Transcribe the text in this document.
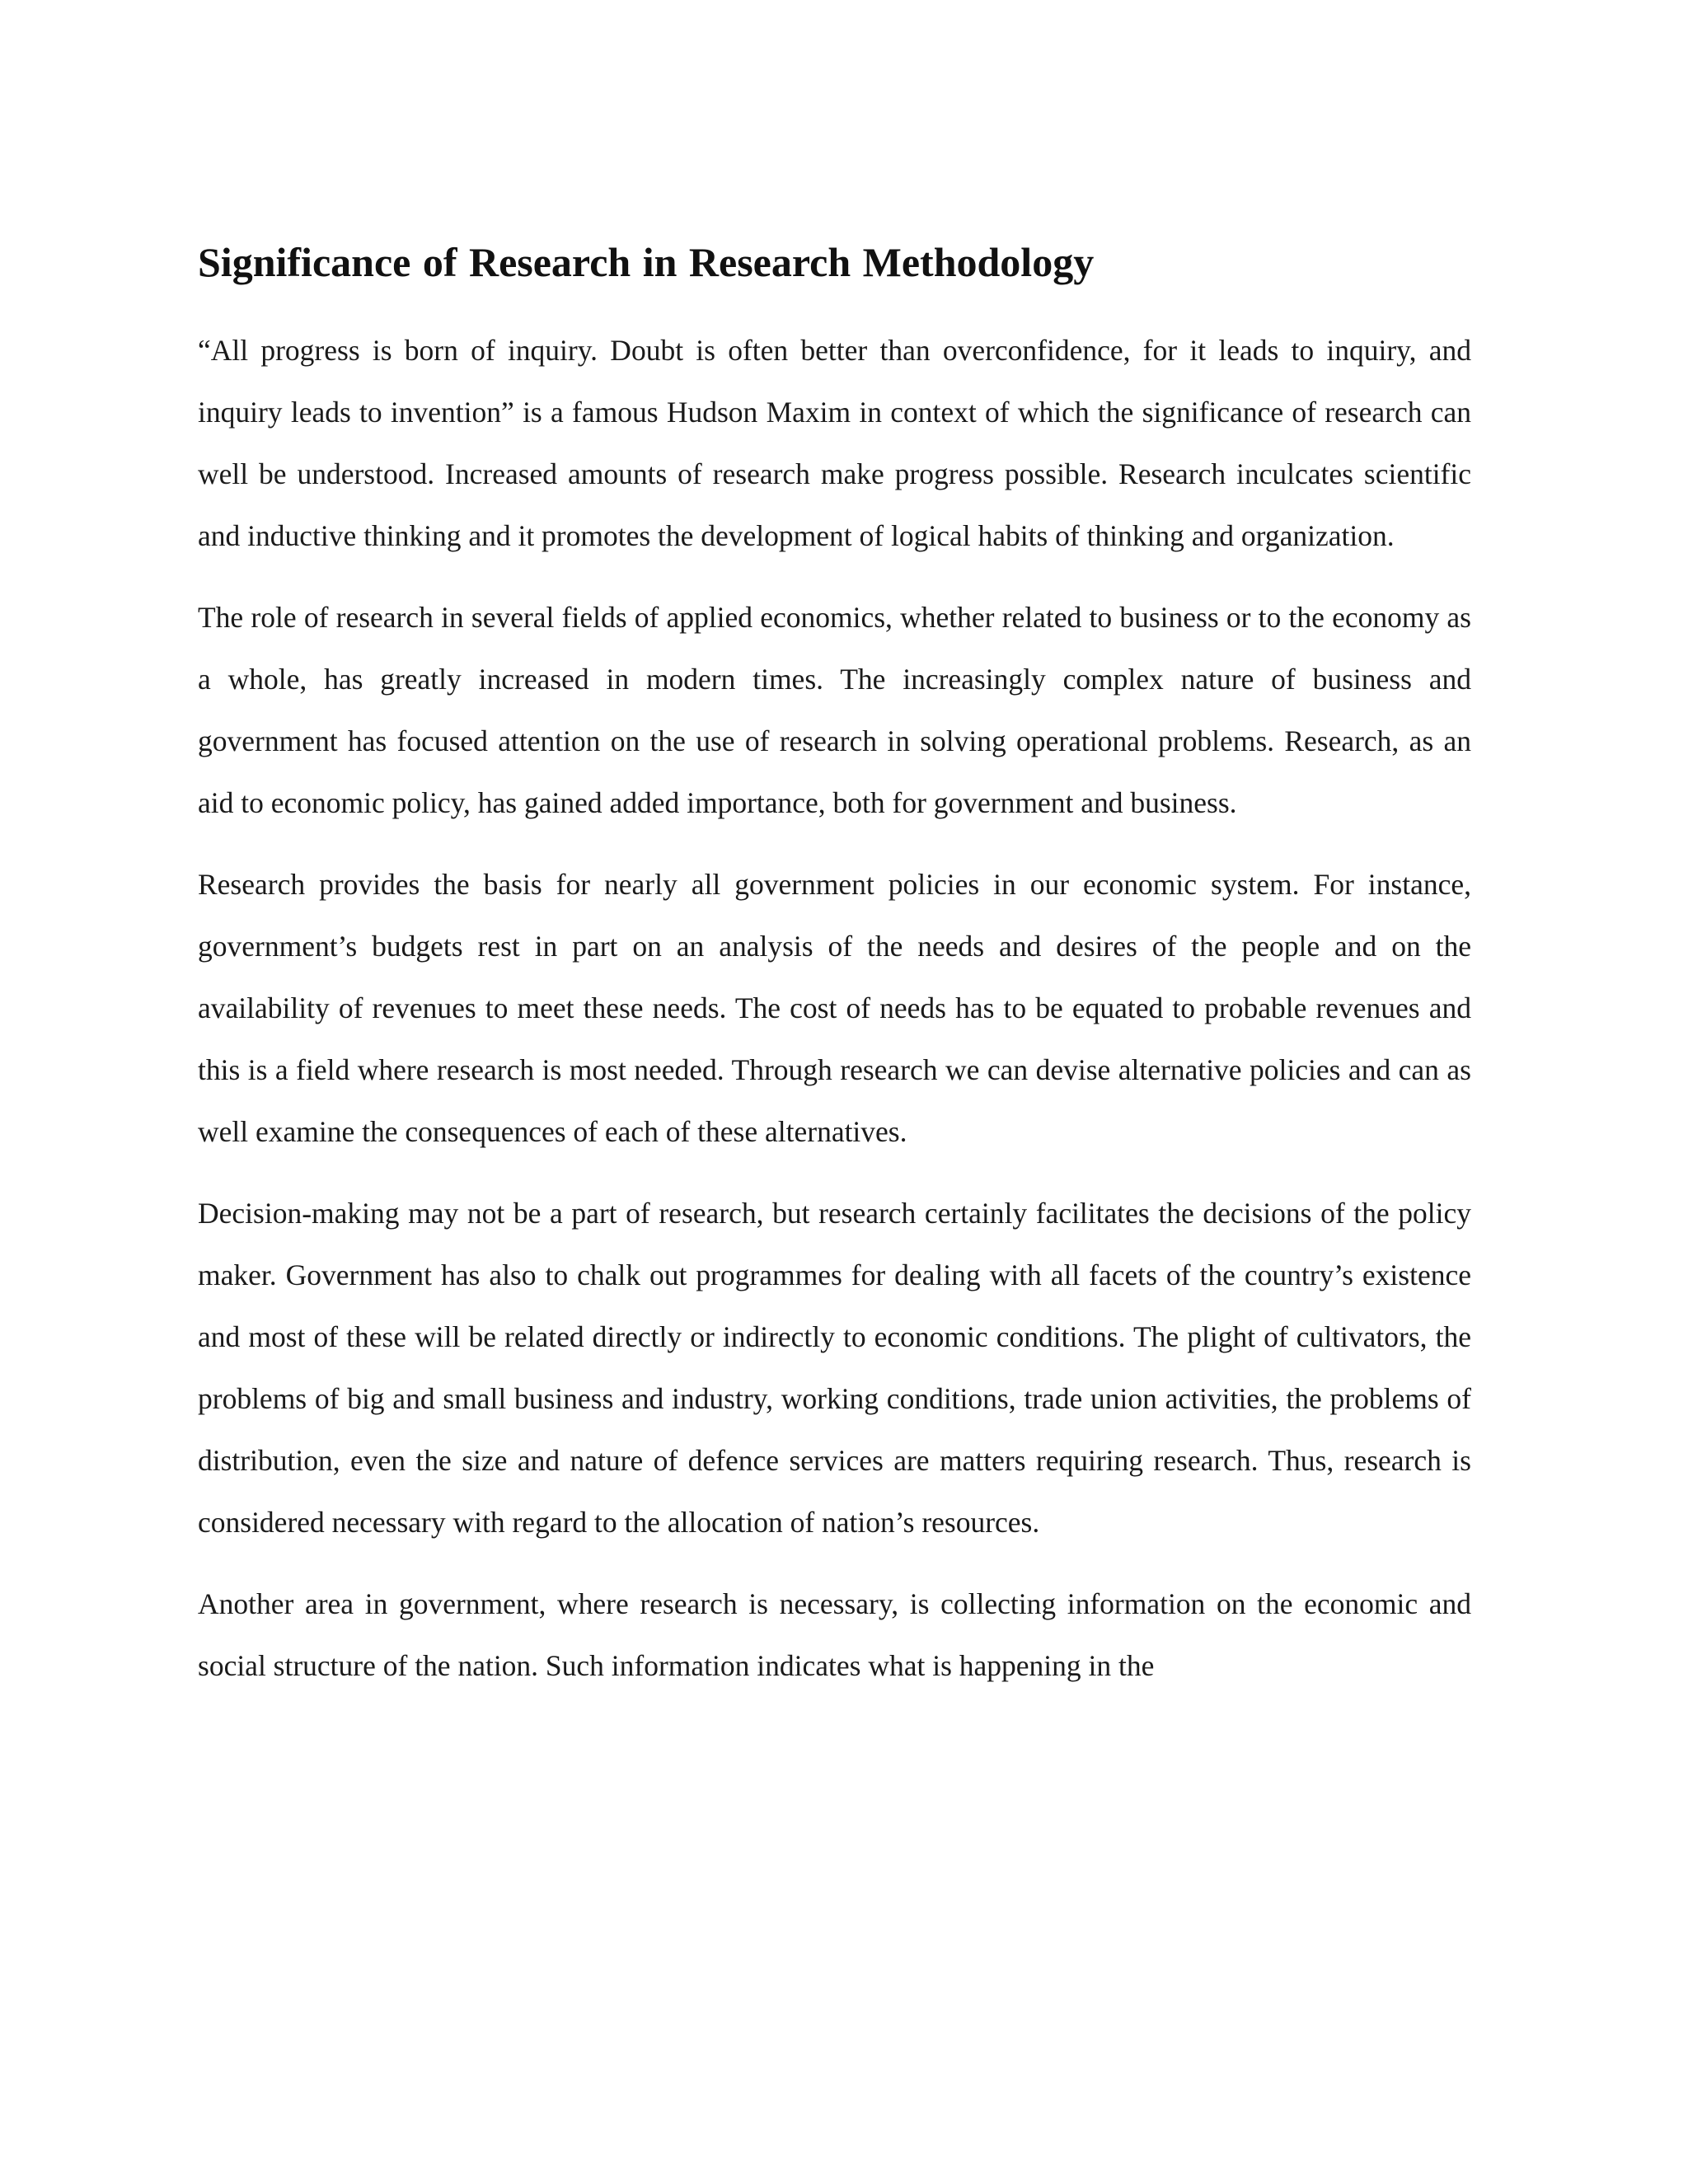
Significance of Research in Research Methodology

“All progress is born of inquiry. Doubt is often better than overconfidence, for it leads to inquiry, and inquiry leads to invention” is a famous Hudson Maxim in context of which the significance of research can well be understood. Increased amounts of research make progress possible. Research inculcates scientific and inductive thinking and it promotes the development of logical habits of thinking and organization.

The role of research in several fields of applied economics, whether related to business or to the economy as a whole, has greatly increased in modern times. The increasingly complex nature of business and government has focused attention on the use of research in solving operational problems. Research, as an aid to economic policy, has gained added importance, both for government and business.

Research provides the basis for nearly all government policies in our economic system. For instance, government’s budgets rest in part on an analysis of the needs and desires of the people and on the availability of revenues to meet these needs. The cost of needs has to be equated to probable revenues and this is a field where research is most needed. Through research we can devise alternative policies and can as well examine the consequences of each of these alternatives.

Decision-making may not be a part of research, but research certainly facilitates the decisions of the policy maker. Government has also to chalk out programmes for dealing with all facets of the country’s existence and most of these will be related directly or indirectly to economic conditions. The plight of cultivators, the problems of big and small business and industry, working conditions, trade union activities, the problems of distribution, even the size and nature of defence services are matters requiring research. Thus, research is considered necessary with regard to the allocation of nation’s resources.

Another area in government, where research is necessary, is collecting information on the economic and social structure of the nation. Such information indicates what is happening in the
